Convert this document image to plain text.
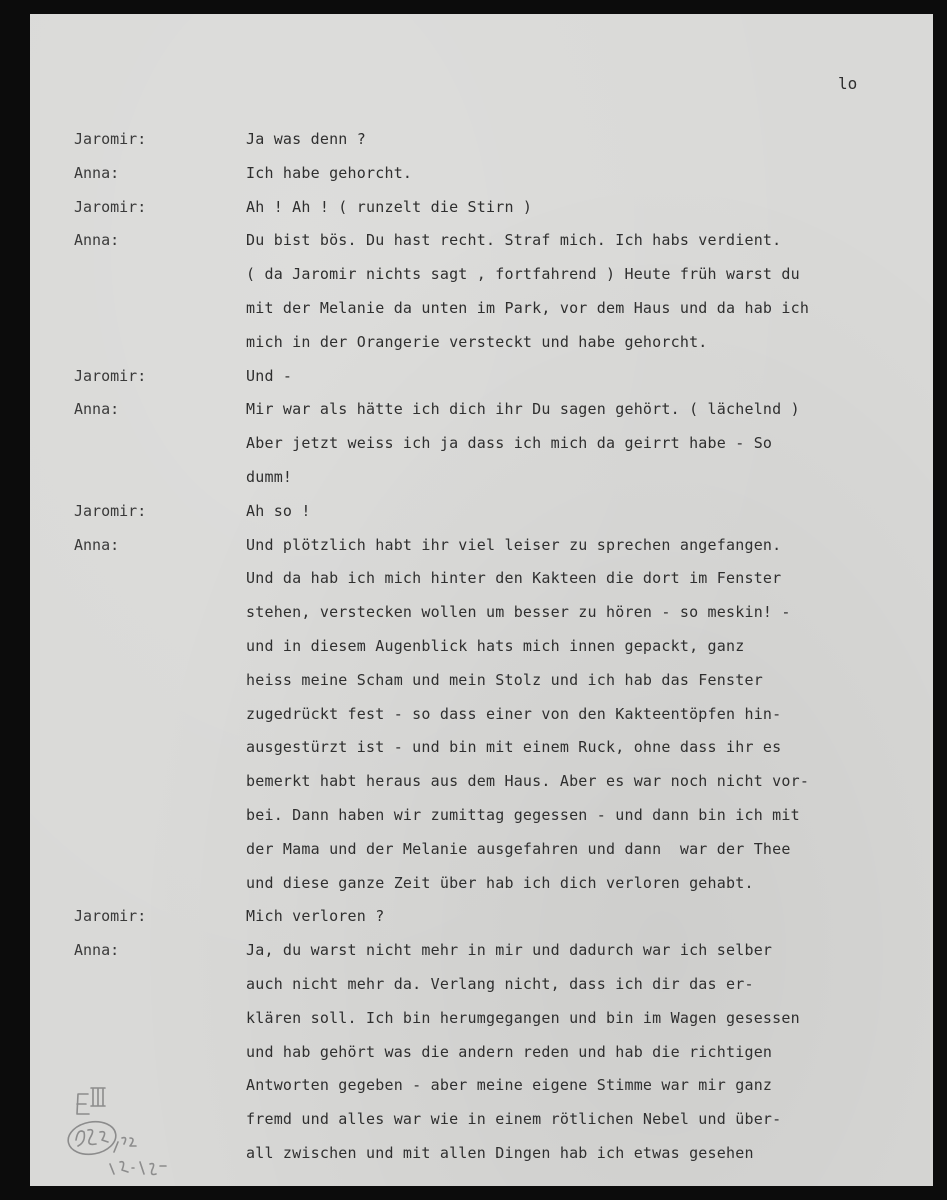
lo
Jaromir:	Ja was denn ?
Anna:	Ich habe gehorcht.
Jaromir:	Ah ! Ah ! ( runzelt die Stirn )
Anna:	Du bist bös. Du hast recht. Straf mich. Ich habs verdient.
( da Jaromir nichts sagt , fortfahrend ) Heute früh warst du
mit der Melanie da unten im Park, vor dem Haus und da hab ich
mich in der Orangerie versteckt und habe gehorcht.
Jaromir:	Und -
Anna:	Mir war als hätte ich dich ihr Du sagen gehört. ( lächelnd )
Aber jetzt weiss ich ja dass ich mich da geirrt habe - So
dumm!
Jaromir:	Ah so !
Anna:	Und plötzlich habt ihr viel leiser zu sprechen angefangen.
Und da hab ich mich hinter den Kakteen die dort im Fenster
stehen, verstecken wollen um besser zu hören - so meskin! -
und in diesem Augenblick hats mich innen gepackt, ganz
heiss meine Scham und mein Stolz und ich hab das Fenster
zugedrückt fest - so dass einer von den Kakteentöpfen hin-
ausgestürzt ist - und bin mit einem Ruck, ohne dass ihr es
bemerkt habt heraus aus dem Haus. Aber es war noch nicht vor-
bei. Dann haben wir zumittag gegessen - und dann bin ich mit
der Mama und der Melanie ausgefahren und dann  war der Thee
und diese ganze Zeit über hab ich dich verloren gehabt.
Jaromir:	Mich verloren ?
Anna:	Ja, du warst nicht mehr in mir und dadurch war ich selber
auch nicht mehr da. Verlang nicht, dass ich dir das er-
klären soll. Ich bin herumgegangen und bin im Wagen gesessen
und hab gehört was die andern reden und hab die richtigen
Antworten gegeben - aber meine eigene Stimme war mir ganz
fremd und alles war wie in einem rötlichen Nebel und über-
all zwischen und mit allen Dingen hab ich etwas gesehen
